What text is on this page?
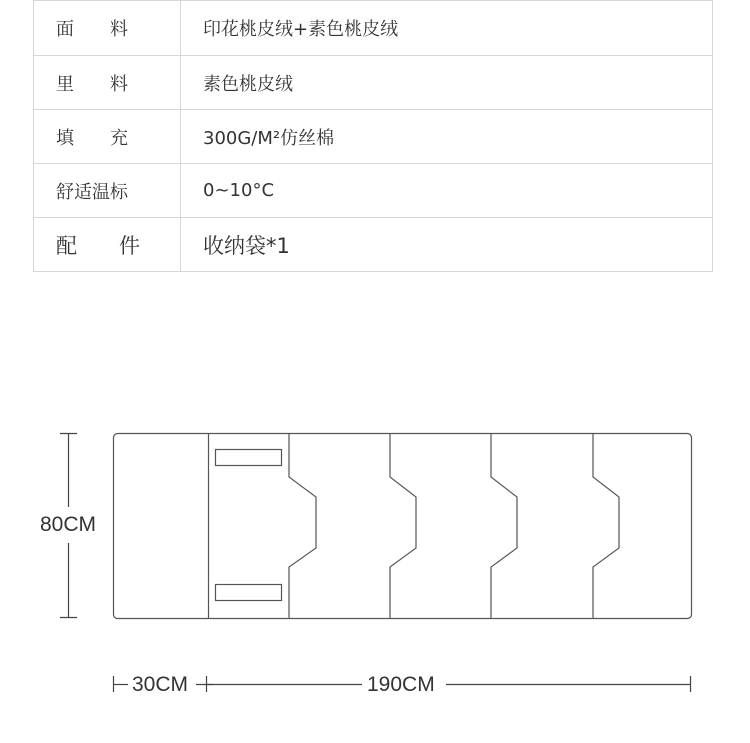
面　　料	印花桃皮绒+素色桃皮绒
里　　料	素色桃皮绒
填　　充	300G/M²仿丝棉
舒适温标	0~10°C
配　　件	收纳袋*1
80CM
30CM	190CM
